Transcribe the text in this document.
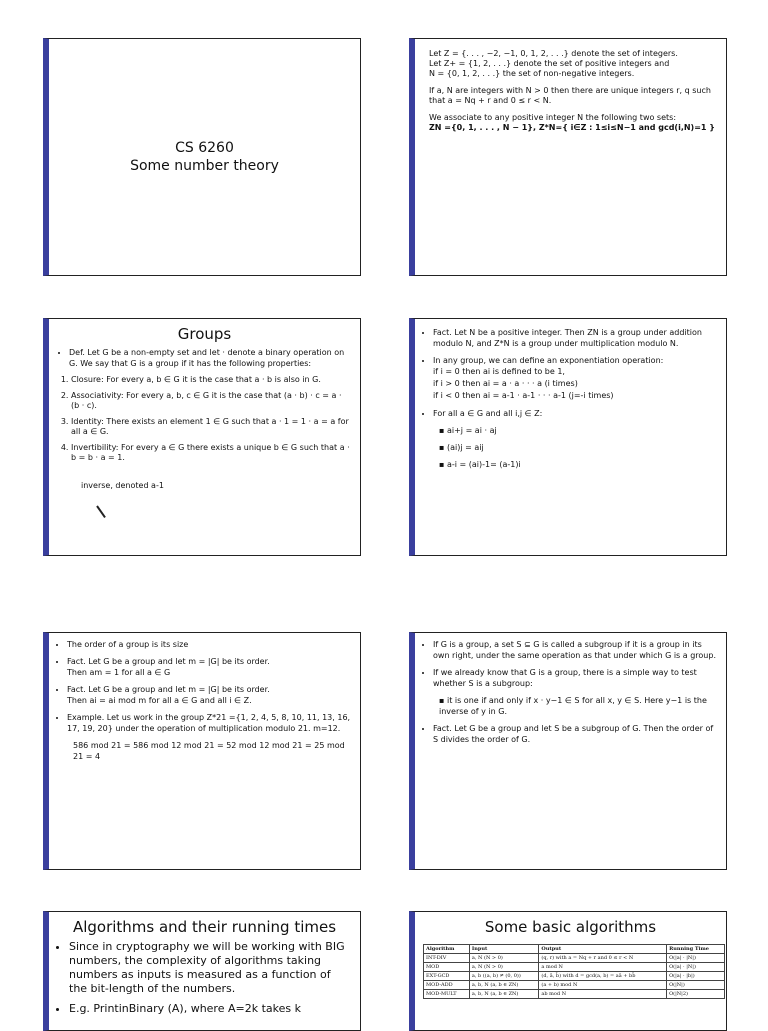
CS 6260
Some number theory
Let Z = {. . . , −2, −1, 0, 1, 2, . . .} denote the set of integers.
Let Z+ = {1, 2, . . .} denote the set of positive integers and

N = {0, 1, 2, . . .} the set of non-negative integers.

If a, N are integers with N > 0 then there are unique integers r, q such that a = Nq + r and 0 ≤ r < N.

We associate to any positive integer N the following two sets:
ZN ={0, 1, . . . , N − 1}, Z*N={ i∈Z : 1≤i≤N−1 and gcd(i,N)=1 }
Groups
• Def. Let G be a non-empty set and let · denote a binary operation on G. We say that G is a group if it has the following properties:
1. Closure: For every a, b ∈ G it is the case that a · b is also in G.
2. Associativity: For every a, b, c ∈ G it is the case that (a · b) · c = a · (b · c).
3. Identity: There exists an element 1 ∈ G such that a · 1 = 1 · a = a for all a ∈ G.
4. Invertibility: For every a ∈ G there exists a unique b ∈ G such that a · b = b · a = 1.
inverse, denoted a-1
• Fact. Let N be a positive integer. Then ZN is a group under addition modulo N, and Z*N is a group under multiplication modulo N.
• In any group, we can define an exponentiation operation:
if i = 0 then ai is defined to be 1,
if i > 0 then ai = a · a · · · a (i times)
if i < 0 then ai = a-1 · a-1 · · · a-1 (j=-i times)
• For all a ∈ G and all i,j ∈ Z:
▪ ai+j = ai · aj
▪ (ai)j = aij
▪ a-i = (ai)-1= (a-1)i
• The order of a group is its size
• Fact. Let G be a group and let m = |G| be its order.
Then am = 1 for all a ∈ G
• Fact. Let G be a group and let m = |G| be its order.
Then ai = ai mod m for all a ∈ G and all i ∈ Z.
• Example. Let us work in the group Z*21 ={1, 2, 4, 5, 8, 10, 11, 13, 16, 17, 19, 20} under the operation of multiplication modulo 21. m=12.
586 mod 21 = 586 mod 12 mod 21 = 52 mod 12 mod 21 = 25 mod 21 = 4
• If G is a group, a set S ⊆ G is called a subgroup if it is a group in its own right, under the same operation as that under which G is a group.
• If we already know that G is a group, there is a simple way to test whether S is a subgroup:
▪ it is one if and only if x · y−1 ∈ S for all x, y ∈ S. Here y−1 is the inverse of y in G.
• Fact. Let G be a group and let S be a subgroup of G. Then the order of S divides the order of G.
Algorithms and their running times
• Since in cryptography we will be working with BIG numbers, the complexity of algorithms taking numbers as inputs is measured as a function of the bit-length of the numbers.
• E.g. PrintinBinary (A), where A=2k takes k
Some basic algorithms
Algorithm	Input	Output	Running Time
INT-DIV	a, N (N > 0)	(q, r) with a = Nq + r and 0 ≤ r < N	O(|a| · |N|)
MOD	a, N (N > 0)	a mod N	O(|a| · |N|)
EXT-GCD	a, b ((a, b) ≠ (0, 0))	(d, ā, b̄) with d = gcd(a, b) = aā + bb̄	O(|a| · |b|)
MOD-ADD	a, b, N (a, b ∈ ZN)	(a + b) mod N	O(|N|)
MOD-MULT	a, b, N (a, b ∈ ZN)	ab mod N	O(|N|2)
